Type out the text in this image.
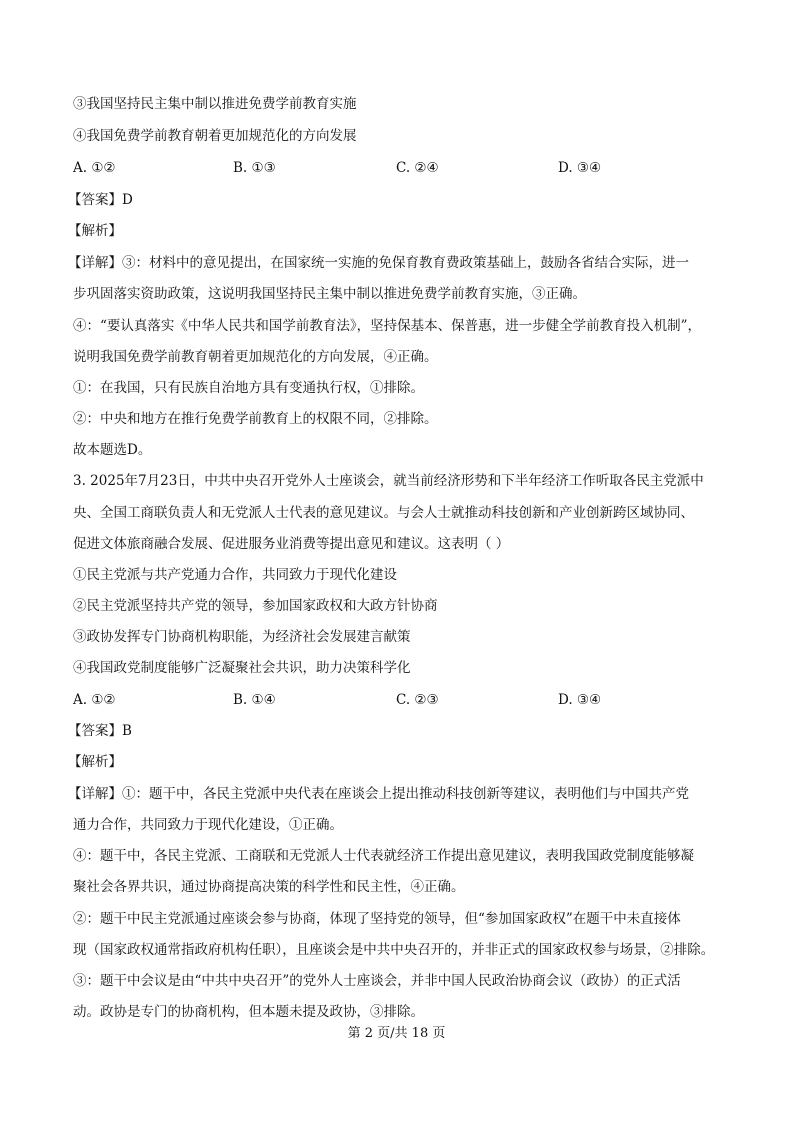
③我国坚持民主集中制以推进免费学前教育实施
④我国免费学前教育朝着更加规范化的方向发展
A. ①②	B. ①③	C. ②④	D. ③④
【答案】D
【解析】
【详解】③：材料中的意见提出，在国家统一实施的免保育教育费政策基础上，鼓励各省结合实际，进一
步巩固落实资助政策，这说明我国坚持民主集中制以推进免费学前教育实施，③正确。
④：“要认真落实《中华人民共和国学前教育法》，坚持保基本、保普惠，进一步健全学前教育投入机制”，
说明我国免费学前教育朝着更加规范化的方向发展，④正确。
①：在我国，只有民族自治地方具有变通执行权，①排除。
②：中央和地方在推行免费学前教育上的权限不同，②排除。
故本题选D。
3. 2025年7月23日，中共中央召开党外人士座谈会，就当前经济形势和下半年经济工作听取各民主党派中
央、全国工商联负责人和无党派人士代表的意见建议。与会人士就推动科技创新和产业创新跨区域协同、
促进文体旅商融合发展、促进服务业消费等提出意见和建议。这表明（ ）
①民主党派与共产党通力合作，共同致力于现代化建设
②民主党派坚持共产党的领导，参加国家政权和大政方针协商
③政协发挥专门协商机构职能，为经济社会发展建言献策
④我国政党制度能够广泛凝聚社会共识，助力决策科学化
A. ①②	B. ①④	C. ②③	D. ③④
【答案】B
【解析】
【详解】①：题干中，各民主党派中央代表在座谈会上提出推动科技创新等建议，表明他们与中国共产党
通力合作，共同致力于现代化建设，①正确。
④：题干中，各民主党派、工商联和无党派人士代表就经济工作提出意见建议，表明我国政党制度能够凝
聚社会各界共识，通过协商提高决策的科学性和民主性，④正确。
②：题干中民主党派通过座谈会参与协商，体现了坚持党的领导，但“参加国家政权”在题干中未直接体
现（国家政权通常指政府机构任职），且座谈会是中共中央召开的，并非正式的国家政权参与场景，②排除。
③：题干中会议是由“中共中央召开”的党外人士座谈会，并非中国人民政治协商会议（政协）的正式活
动。政协是专门的协商机构，但本题未提及政协，③排除。
第 2 页/共 18 页
